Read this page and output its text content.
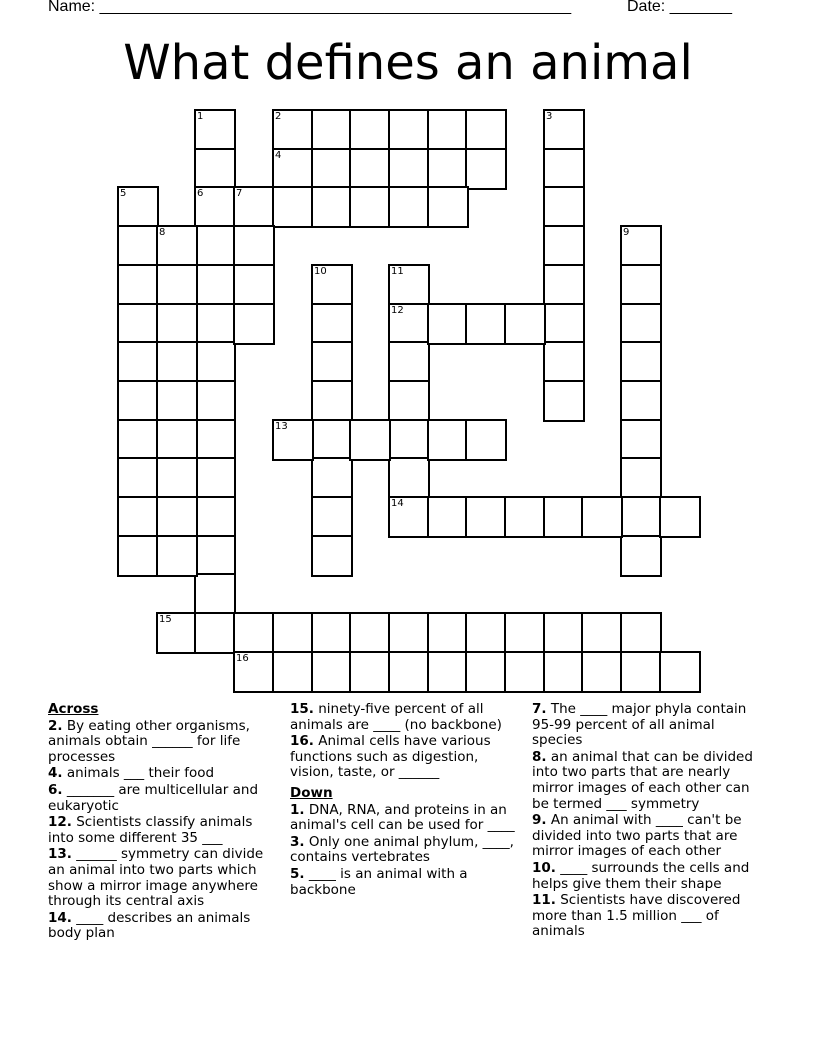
Name: _____________________________________________________	Date: _______
What defines an animal
1
6
2	3
4
5	7
8	9
10	11
12
14
13
15
16
Across
2. By eating other organisms, animals obtain ______ for life processes
4. animals ___ their food
6. _______ are multicellular and eukaryotic
12. Scientists classify animals into some different 35 ___
13. ______ symmetry can divide an animal into two parts which show a mirror image anywhere through its central axis
14. ____ describes an animals body plan
15. ninety-five percent of all animals are ____ (no backbone)
16. Animal cells have various functions such as digestion, vision, taste, or ______
Down
1. DNA, RNA, and proteins in an animal's cell can be used for ____
3. Only one animal phylum, ____, contains vertebrates
5. ____ is an animal with a backbone
7. The ____ major phyla contain 95-99 percent of all animal species
8. an animal that can be divided into two parts that are nearly mirror images of each other can be termed ___ symmetry
9. An animal with ____ can't be divided into two parts that are mirror images of each other
10. ____ surrounds the cells and helps give them their shape
11. Scientists have discovered more than 1.5 million ___ of animals
